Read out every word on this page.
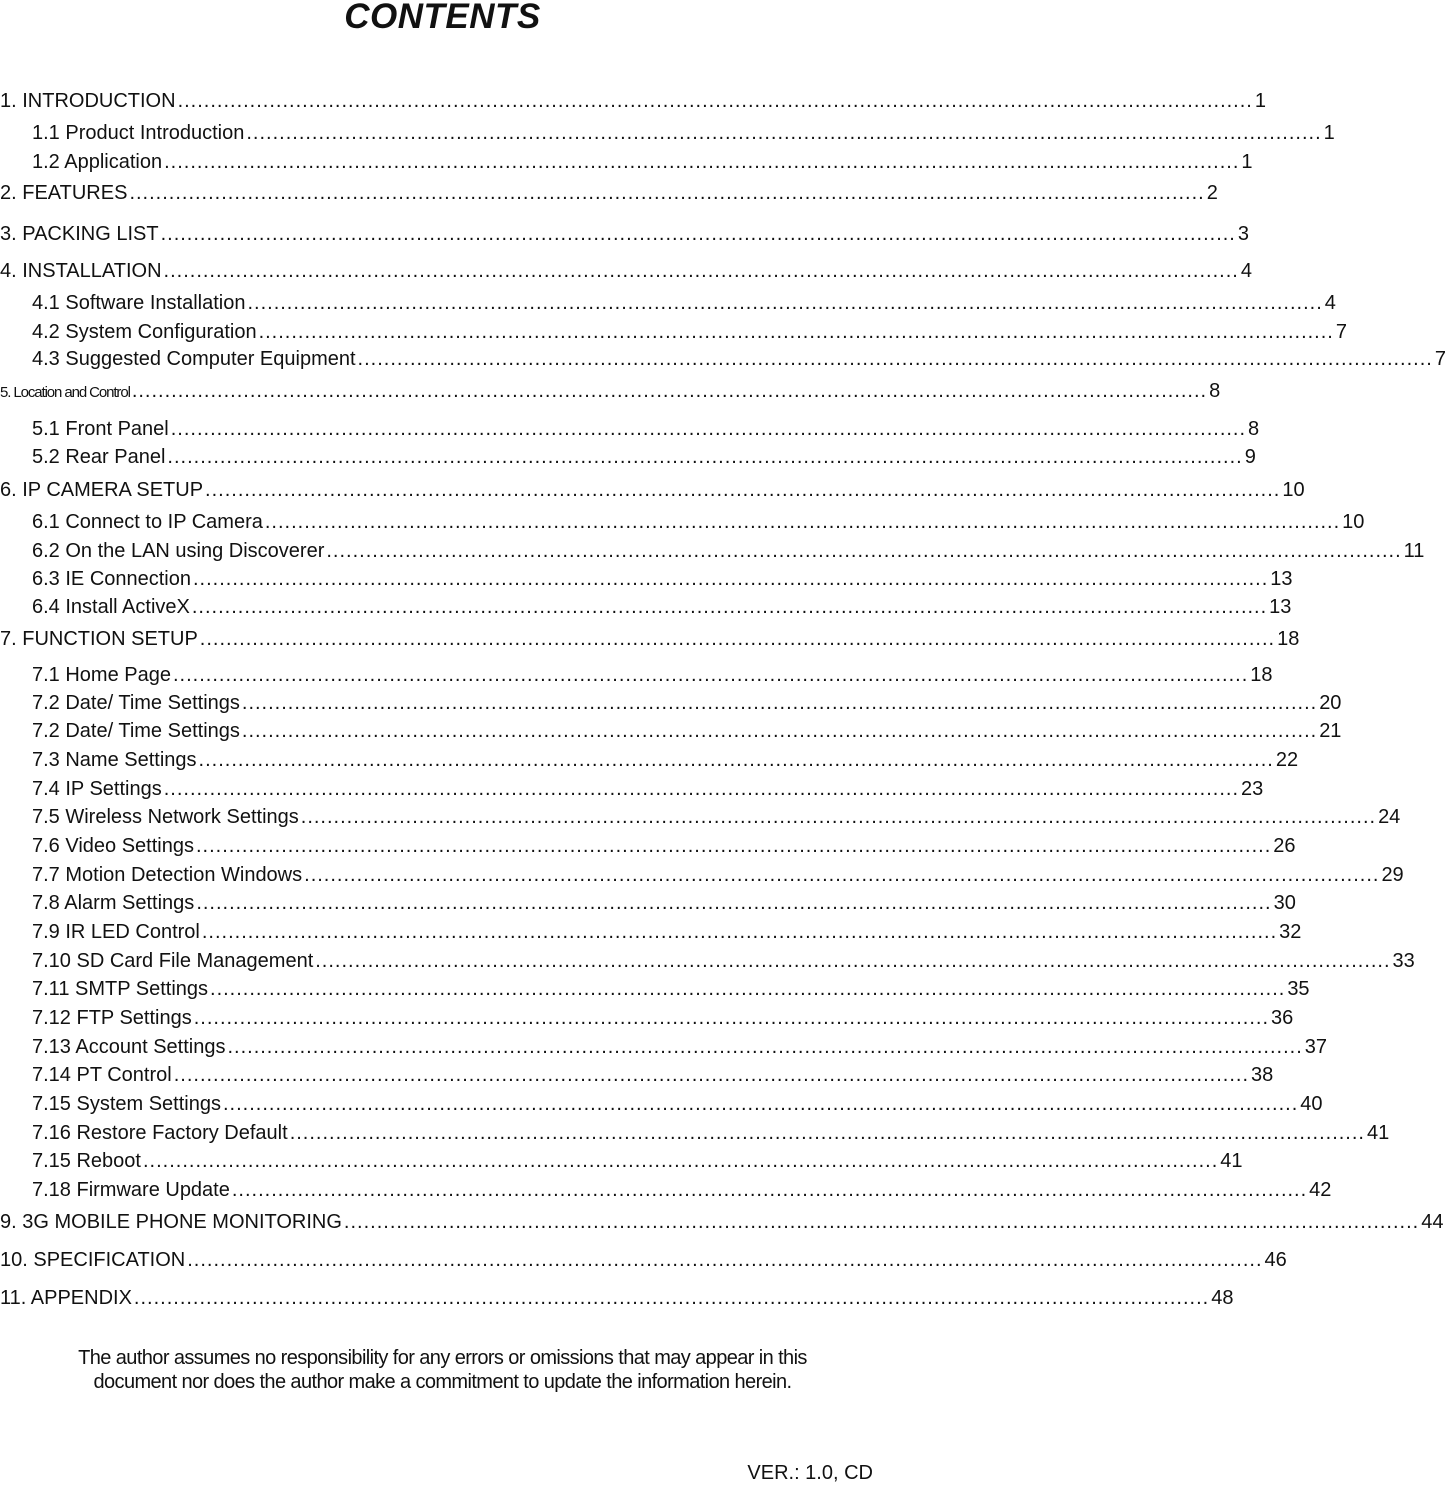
CONTENTS
1. INTRODUCTION .................................................................................................................................................................... 1
1.1 Product Introduction .................................................................................................................................................................... 1
1.2 Application .................................................................................................................................................................... 1
2. FEATURES .................................................................................................................................................................... 2
3. PACKING LIST .................................................................................................................................................................... 3
4. INSTALLATION .................................................................................................................................................................... 4
4.1 Software Installation .................................................................................................................................................................... 4
4.2 System Configuration .................................................................................................................................................................... 7
4.3 Suggested Computer Equipment .................................................................................................................................................................... 7
5. Location and Control .................................................................................................................................................................... 8
5.1 Front Panel .................................................................................................................................................................... 8
5.2 Rear Panel .................................................................................................................................................................... 9
6. IP CAMERA SETUP .................................................................................................................................................................... 10
6.1 Connect to IP Camera .................................................................................................................................................................... 10
6.2 On the LAN using Discoverer .................................................................................................................................................................... 11
6.3 IE Connection .................................................................................................................................................................... 13
6.4 Install ActiveX .................................................................................................................................................................... 13
7. FUNCTION SETUP .................................................................................................................................................................... 18
7.1 Home Page .................................................................................................................................................................... 18
7.2 Date/ Time Settings .................................................................................................................................................................... 20
7.2 Date/ Time Settings .................................................................................................................................................................... 21
7.3 Name Settings .................................................................................................................................................................... 22
7.4 IP Settings .................................................................................................................................................................... 23
7.5 Wireless Network Settings .................................................................................................................................................................... 24
7.6 Video Settings .................................................................................................................................................................... 26
7.7 Motion Detection Windows .................................................................................................................................................................... 29
7.8 Alarm Settings .................................................................................................................................................................... 30
7.9 IR LED Control .................................................................................................................................................................... 32
7.10 SD Card File Management .................................................................................................................................................................... 33
7.11 SMTP Settings .................................................................................................................................................................... 35
7.12 FTP Settings .................................................................................................................................................................... 36
7.13 Account Settings .................................................................................................................................................................... 37
7.14 PT Control .................................................................................................................................................................... 38
7.15 System Settings .................................................................................................................................................................... 40
7.16 Restore Factory Default .................................................................................................................................................................... 41
7.15 Reboot .................................................................................................................................................................... 41
7.18 Firmware Update .................................................................................................................................................................... 42
9. 3G MOBILE PHONE MONITORING .................................................................................................................................................................... 44
10. SPECIFICATION .................................................................................................................................................................... 46
11. APPENDIX .................................................................................................................................................................... 48
The author assumes no responsibility for any errors or omissions that may appear in this
document nor does the author make a commitment to update the information herein.
VER.: 1.0, CD
